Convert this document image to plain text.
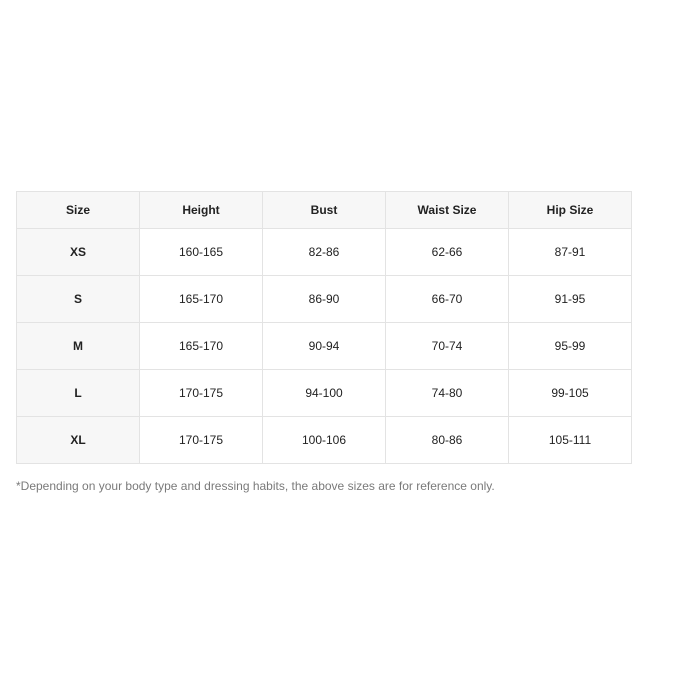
Size	Height	Bust	Waist Size	Hip Size
XS	160-165	82-86	62-66	87-91
S	165-170	86-90	66-70	91-95
M	165-170	90-94	70-74	95-99
L	170-175	94-100	74-80	99-105
XL	170-175	100-106	80-86	105-111

*Depending on your body type and dressing habits, the above sizes are for reference only.
